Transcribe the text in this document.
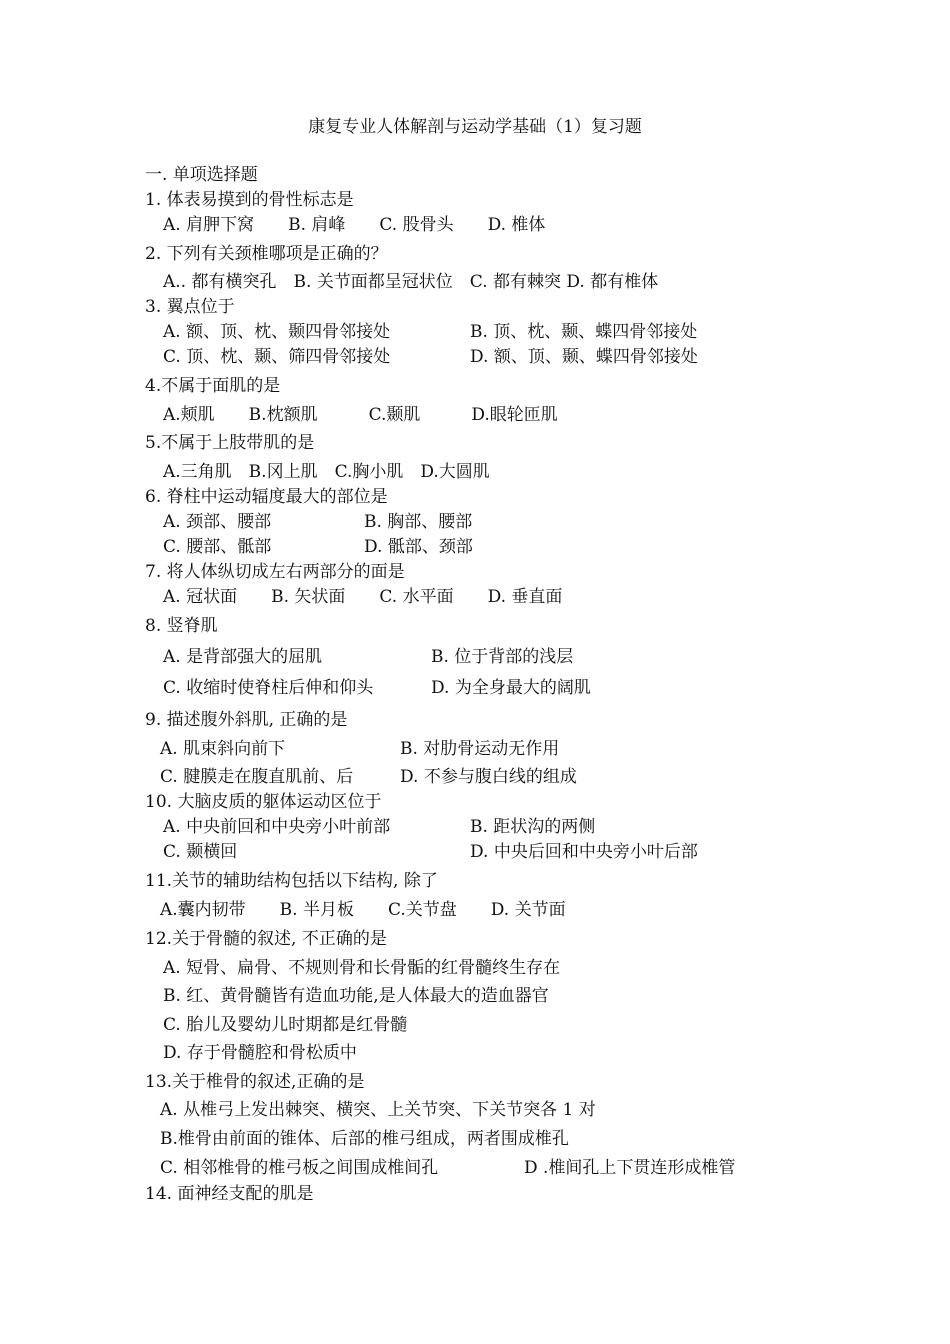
康复专业人体解剖与运动学基础（1）复习题
一. 单项选择题
1. 体表易摸到的骨性标志是
A. 肩胛下窝　　B. 肩峰　　C. 股骨头　　D. 椎体
2. 下列有关颈椎哪项是正确的？
A.. 都有横突孔　B. 关节面都呈冠状位　C. 都有棘突 D. 都有椎体
3. 翼点位于
A. 额、顶、枕、颞四骨邻接处	B. 顶、枕、颞、蝶四骨邻接处
C. 顶、枕、颞、筛四骨邻接处	D. 额、顶、颞、蝶四骨邻接处
4.不属于面肌的是
A.颊肌　　B.枕额肌　　　C.颞肌　　　D.眼轮匝肌
5.不属于上肢带肌的是
A.三角肌　B.冈上肌　C.胸小肌　D.大圆肌
6. 脊柱中运动辐度最大的部位是
A. 颈部、腰部	B. 胸部、腰部
C. 腰部、骶部	D. 骶部、颈部
7. 将人体纵切成左右两部分的面是
A. 冠状面　　B. 矢状面　　C. 水平面　　D. 垂直面
8. 竖脊肌
A. 是背部强大的屈肌	B. 位于背部的浅层
C. 收缩时使脊柱后伸和仰头	D. 为全身最大的阔肌
9. 描述腹外斜肌, 正确的是
A. 肌束斜向前下	B. 对肋骨运动无作用
C. 腱膜走在腹直肌前、后	D. 不参与腹白线的组成
10. 大脑皮质的躯体运动区位于
A. 中央前回和中央旁小叶前部	B. 距状沟的两侧
C. 颞横回	D. 中央后回和中央旁小叶后部
11.关节的辅助结构包括以下结构, 除了
A.囊内韧带　　B. 半月板　　C.关节盘　　D. 关节面
12.关于骨髓的叙述, 不正确的是
A. 短骨、扁骨、不规则骨和长骨骺的红骨髓终生存在
B. 红、黄骨髓皆有造血功能,是人体最大的造血器官
C. 胎儿及婴幼儿时期都是红骨髓
D. 存于骨髓腔和骨松质中
13.关于椎骨的叙述,正确的是
A. 从椎弓上发出棘突、横突、上关节突、下关节突各 1 对
B.椎骨由前面的锥体、后部的椎弓组成，两者围成椎孔
C. 相邻椎骨的椎弓板之间围成椎间孔	D .椎间孔上下贯连形成椎管
14. 面神经支配的肌是
